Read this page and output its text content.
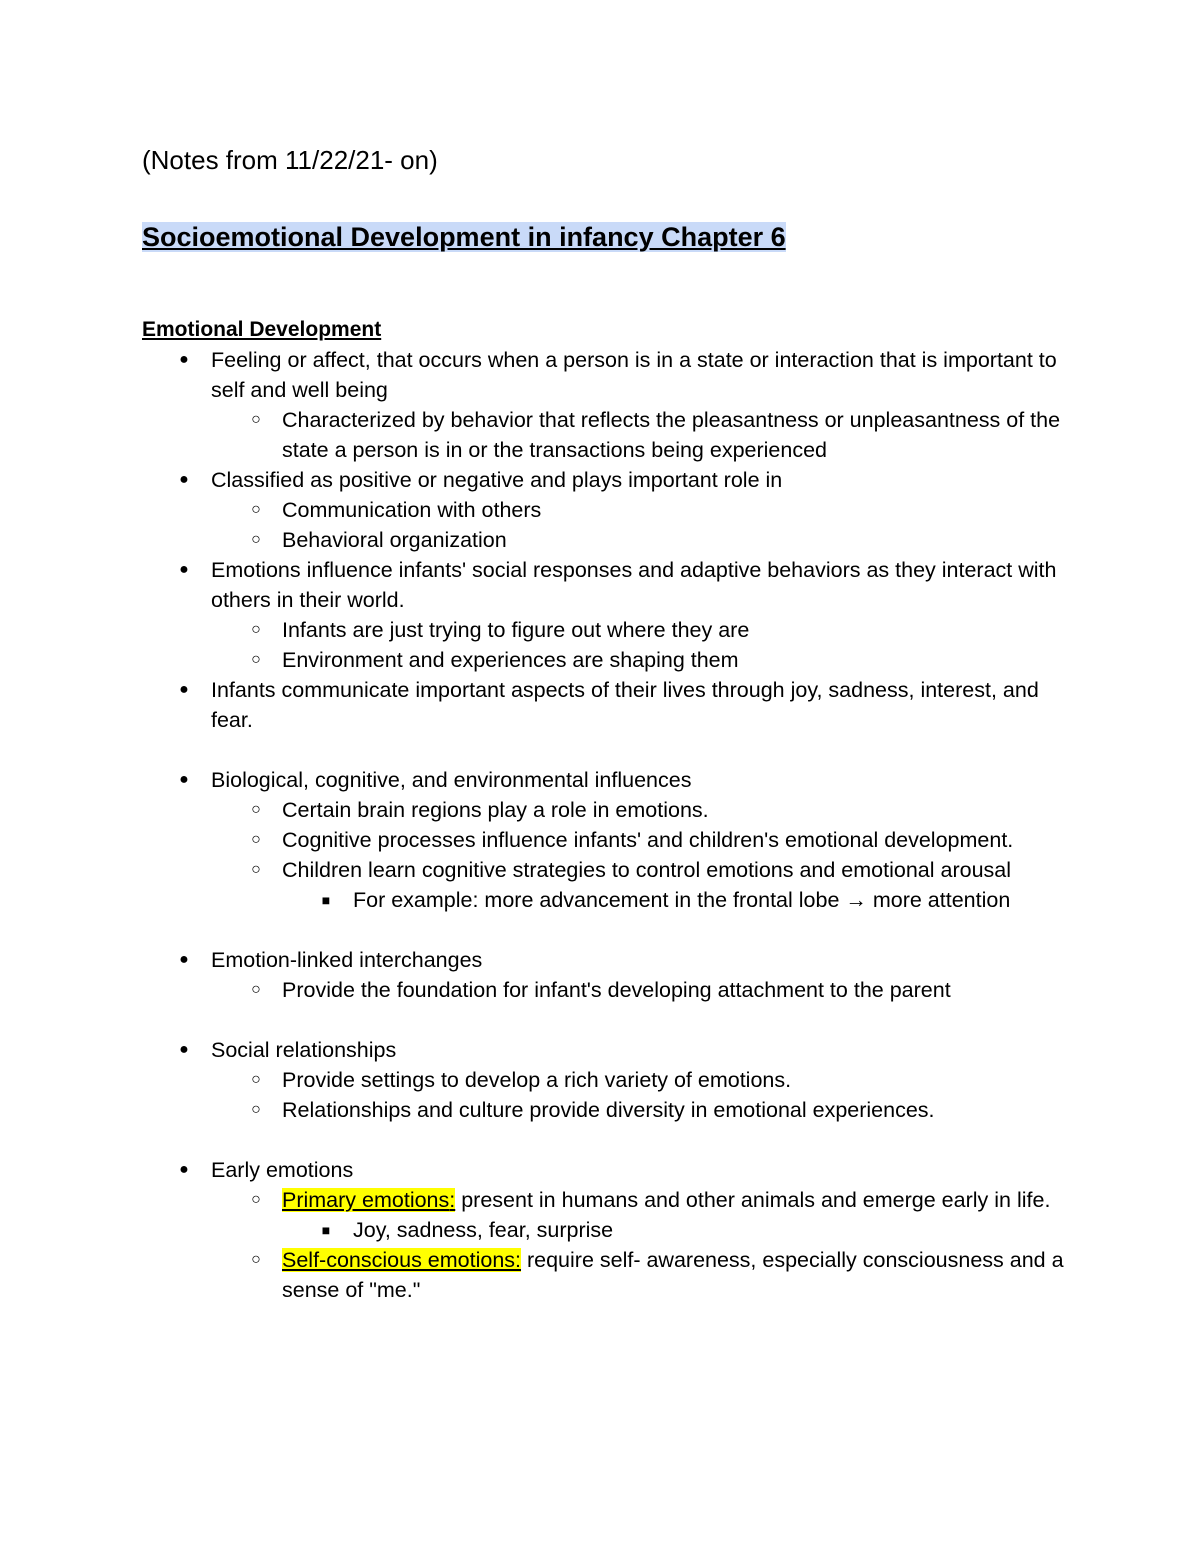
(Notes from 11/22/21- on)
Socioemotional Development in infancy Chapter 6
Emotional Development
● Feeling or affect, that occurs when a person is in a state or interaction that is important to self and well being
○ Characterized by behavior that reflects the pleasantness or unpleasantness of the state a person is in or the transactions being experienced
● Classified as positive or negative and plays important role in
○ Communication with others
○ Behavioral organization
● Emotions influence infants' social responses and adaptive behaviors as they interact with others in their world.
○ Infants are just trying to figure out where they are
○ Environment and experiences are shaping them
● Infants communicate important aspects of their lives through joy, sadness, interest, and fear.
● Biological, cognitive, and environmental influences
○ Certain brain regions play a role in emotions.
○ Cognitive processes influence infants' and children's emotional development.
○ Children learn cognitive strategies to control emotions and emotional arousal
■ For example: more advancement in the frontal lobe → more attention
● Emotion-linked interchanges
○ Provide the foundation for infant's developing attachment to the parent
● Social relationships
○ Provide settings to develop a rich variety of emotions.
○ Relationships and culture provide diversity in emotional experiences.
● Early emotions
○ Primary emotions: present in humans and other animals and emerge early in life.
■ Joy, sadness, fear, surprise
○ Self-conscious emotions: require self- awareness, especially consciousness and a sense of "me."
